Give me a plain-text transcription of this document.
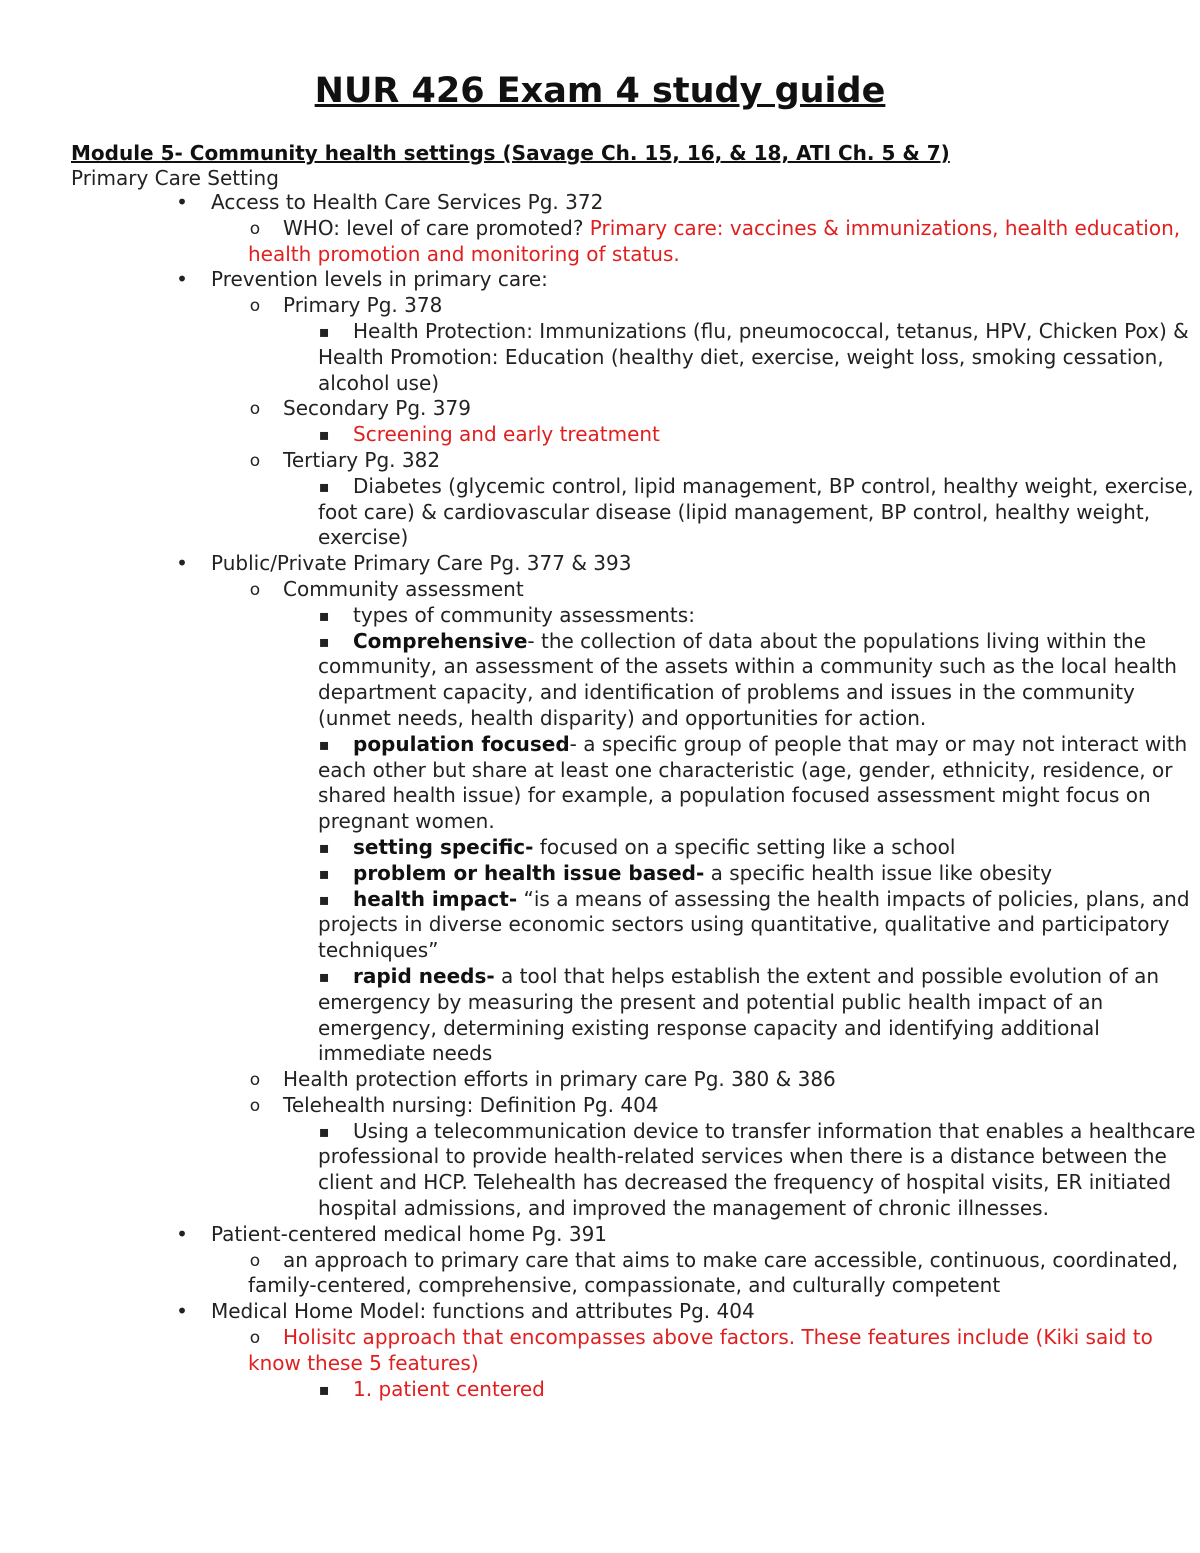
NUR 426 Exam 4 study guide
Module 5- Community health settings (Savage Ch. 15, 16, & 18, ATI Ch. 5 & 7)
Primary Care Setting
• Access to Health Care Services Pg. 372
o WHO: level of care promoted? Primary care: vaccines & immunizations, health education, health promotion and monitoring of status.
• Prevention levels in primary care:
o Primary Pg. 378
▪ Health Protection: Immunizations (flu, pneumococcal, tetanus, HPV, Chicken Pox) & Health Promotion: Education (healthy diet, exercise, weight loss, smoking cessation, alcohol use)
o Secondary Pg. 379
▪ Screening and early treatment
o Tertiary Pg. 382
▪ Diabetes (glycemic control, lipid management, BP control, healthy weight, exercise, foot care) & cardiovascular disease (lipid management, BP control, healthy weight, exercise)
• Public/Private Primary Care Pg. 377 & 393
o Community assessment
▪ types of community assessments:
▪ Comprehensive- the collection of data about the populations living within the community, an assessment of the assets within a community such as the local health department capacity, and identification of problems and issues in the community (unmet needs, health disparity) and opportunities for action.
▪ population focused- a specific group of people that may or may not interact with each other but share at least one characteristic (age, gender, ethnicity, residence, or shared health issue) for example, a population focused assessment might focus on pregnant women.
▪ setting specific- focused on a specific setting like a school
▪ problem or health issue based- a specific health issue like obesity
▪ health impact- “is a means of assessing the health impacts of policies, plans, and projects in diverse economic sectors using quantitative, qualitative and participatory techniques”
▪ rapid needs- a tool that helps establish the extent and possible evolution of an emergency by measuring the present and potential public health impact of an emergency, determining existing response capacity and identifying additional immediate needs
o Health protection efforts in primary care Pg. 380 & 386
o Telehealth nursing: Definition Pg. 404
▪ Using a telecommunication device to transfer information that enables a healthcare professional to provide health-related services when there is a distance between the client and HCP. Telehealth has decreased the frequency of hospital visits, ER initiated hospital admissions, and improved the management of chronic illnesses.
• Patient-centered medical home Pg. 391
o an approach to primary care that aims to make care accessible, continuous, coordinated, family-centered, comprehensive, compassionate, and culturally competent
• Medical Home Model: functions and attributes Pg. 404
o Holisitc approach that encompasses above factors. These features include (Kiki said to know these 5 features)
▪ 1. patient centered
